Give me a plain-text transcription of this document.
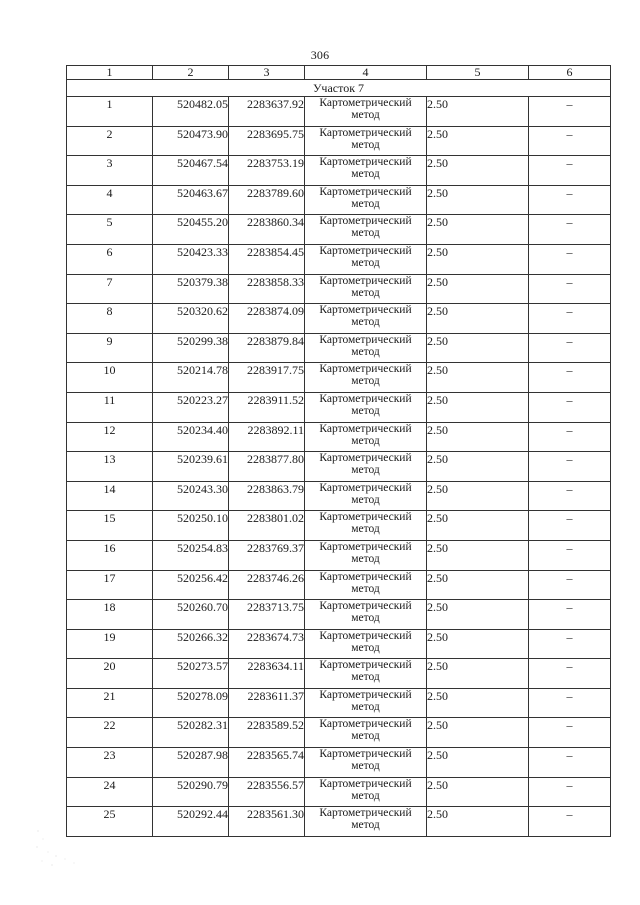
306
1	2	3	4	5	6
Участок 7					
1	520482.05	2283637.92	Картометрический метод	2.50	–
2	520473.90	2283695.75	Картометрический метод	2.50	–
3	520467.54	2283753.19	Картометрический метод	2.50	–
4	520463.67	2283789.60	Картометрический метод	2.50	–
5	520455.20	2283860.34	Картометрический метод	2.50	–
6	520423.33	2283854.45	Картометрический метод	2.50	–
7	520379.38	2283858.33	Картометрический метод	2.50	–
8	520320.62	2283874.09	Картометрический метод	2.50	–
9	520299.38	2283879.84	Картометрический метод	2.50	–
10	520214.78	2283917.75	Картометрический метод	2.50	–
11	520223.27	2283911.52	Картометрический метод	2.50	–
12	520234.40	2283892.11	Картометрический метод	2.50	–
13	520239.61	2283877.80	Картометрический метод	2.50	–
14	520243.30	2283863.79	Картометрический метод	2.50	–
15	520250.10	2283801.02	Картометрический метод	2.50	–
16	520254.83	2283769.37	Картометрический метод	2.50	–
17	520256.42	2283746.26	Картометрический метод	2.50	–
18	520260.70	2283713.75	Картометрический метод	2.50	–
19	520266.32	2283674.73	Картометрический метод	2.50	–
20	520273.57	2283634.11	Картометрический метод	2.50	–
21	520278.09	2283611.37	Картометрический метод	2.50	–
22	520282.31	2283589.52	Картометрический метод	2.50	–
23	520287.98	2283565.74	Картометрический метод	2.50	–
24	520290.79	2283556.57	Картометрический метод	2.50	–
25	520292.44	2283561.30	Картометрический метод	2.50	–
